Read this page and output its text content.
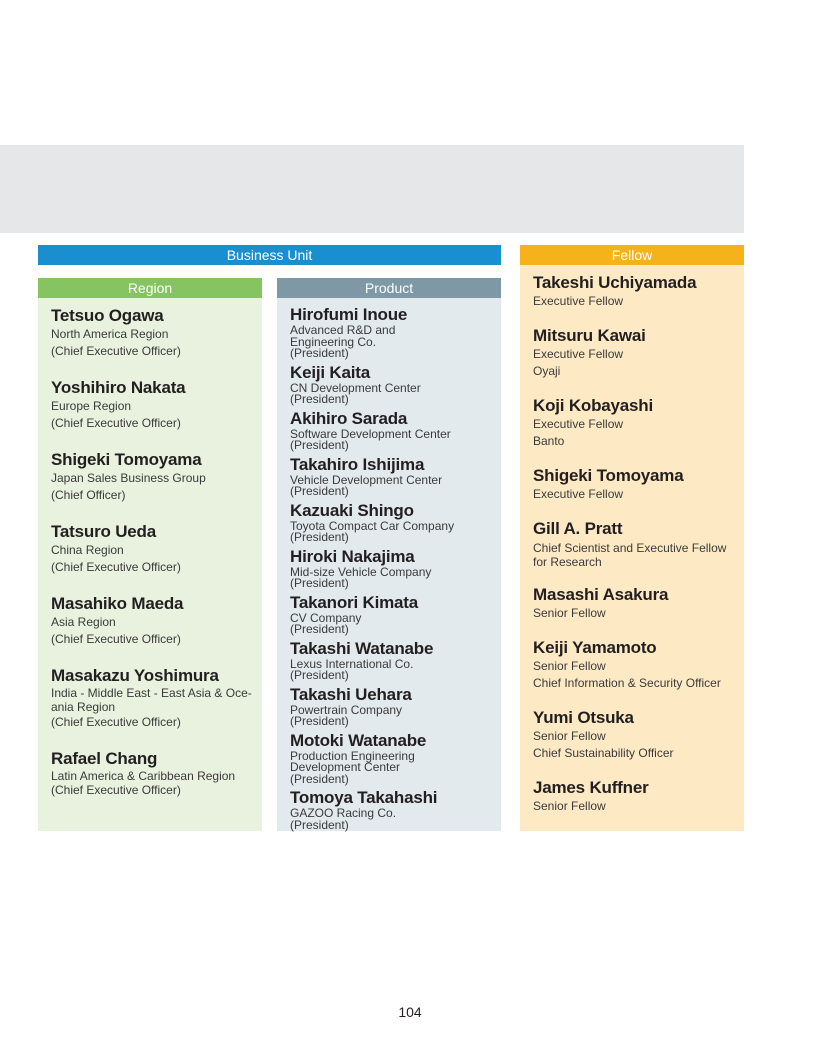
Business Unit
Region
Tetsuo Ogawa
North America Region
(Chief Executive Officer)
Yoshihiro Nakata
Europe Region
(Chief Executive Officer)
Shigeki Tomoyama
Japan Sales Business Group
(Chief Officer)
Tatsuro Ueda
China Region
(Chief Executive Officer)
Masahiko Maeda
Asia Region
(Chief Executive Officer)
Masakazu Yoshimura
India - Middle East - East Asia & Oce-ania Region
(Chief Executive Officer)
Rafael Chang
Latin America & Caribbean Region
(Chief Executive Officer)
Product
Hirofumi Inoue
Advanced R&D and
Engineering Co.
(President)
Keiji Kaita
CN Development Center
(President)
Akihiro Sarada
Software Development Center
(President)
Takahiro Ishijima
Vehicle Development Center
(President)
Kazuaki Shingo
Toyota Compact Car Company
(President)
Hiroki Nakajima
Mid-size Vehicle Company
(President)
Takanori Kimata
CV Company
(President)
Takashi Watanabe
Lexus International Co.
(President)
Takashi Uehara
Powertrain Company
(President)
Motoki Watanabe
Production Engineering
Development Center
(President)
Tomoya Takahashi
GAZOO Racing Co.
(President)
Fellow
Takeshi Uchiyamada
Executive Fellow
Mitsuru Kawai
Executive Fellow
Oyaji
Koji Kobayashi
Executive Fellow
Banto
Shigeki Tomoyama
Executive Fellow
Gill A. Pratt
Chief Scientist and Executive Fellow for Research
Masashi Asakura
Senior Fellow
Keiji Yamamoto
Senior Fellow
Chief Information & Security Officer
Yumi Otsuka
Senior Fellow
Chief Sustainability Officer
James Kuffner
Senior Fellow
104
